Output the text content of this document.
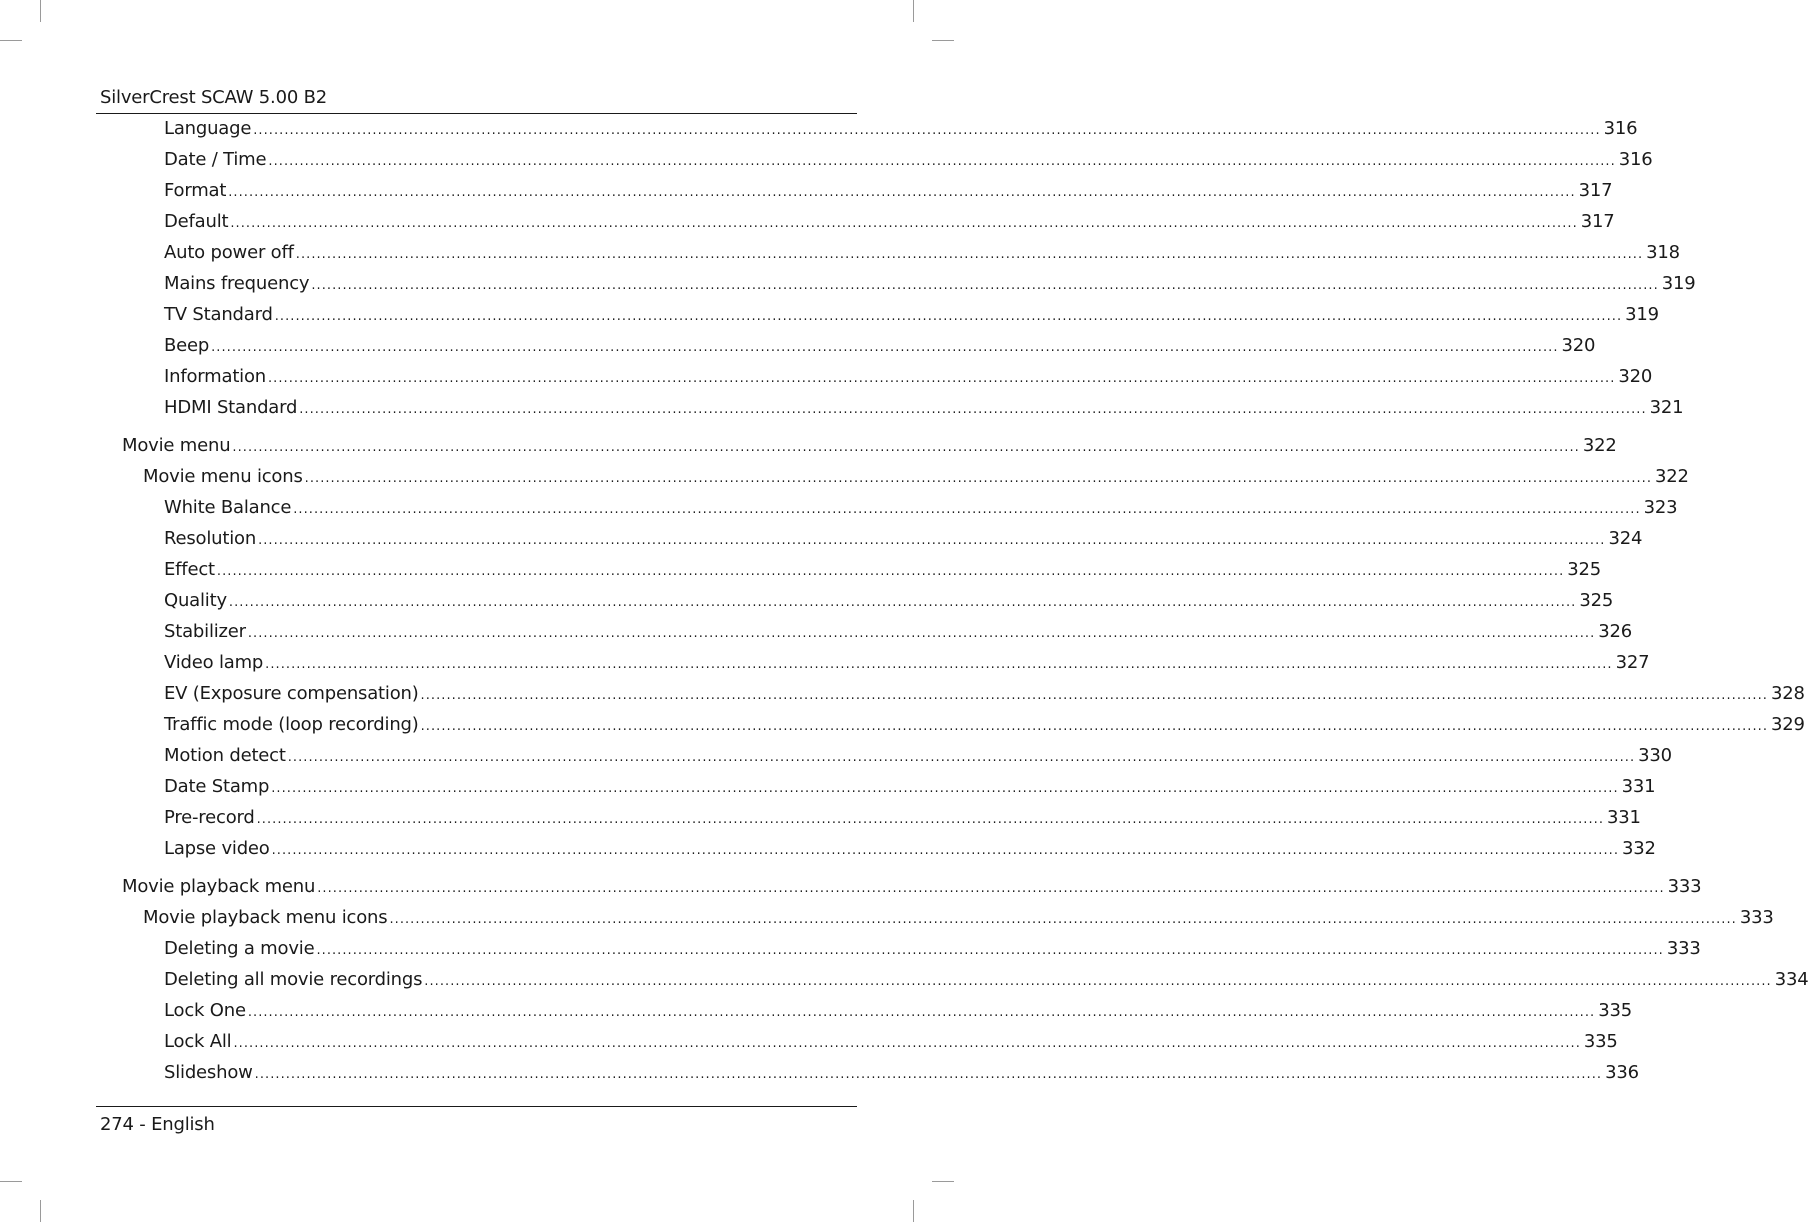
SilverCrest SCAW 5.00 B2
Language .................................................................................................................................................................................................................................................................... 316
Date / Time .................................................................................................................................................................................................................................................................... 316
Format .................................................................................................................................................................................................................................................................... 317
Default .................................................................................................................................................................................................................................................................... 317
Auto power off .................................................................................................................................................................................................................................................................... 318
Mains frequency .................................................................................................................................................................................................................................................................... 319
TV Standard .................................................................................................................................................................................................................................................................... 319
Beep .................................................................................................................................................................................................................................................................... 320
Information .................................................................................................................................................................................................................................................................... 320
HDMI Standard .................................................................................................................................................................................................................................................................... 321
Movie menu .................................................................................................................................................................................................................................................................... 322
Movie menu icons .................................................................................................................................................................................................................................................................... 322
White Balance .................................................................................................................................................................................................................................................................... 323
Resolution .................................................................................................................................................................................................................................................................... 324
Effect .................................................................................................................................................................................................................................................................... 325
Quality .................................................................................................................................................................................................................................................................... 325
Stabilizer .................................................................................................................................................................................................................................................................... 326
Video lamp .................................................................................................................................................................................................................................................................... 327
EV (Exposure compensation) .................................................................................................................................................................................................................................................................... 328
Traffic mode (loop recording) .................................................................................................................................................................................................................................................................... 329
Motion detect .................................................................................................................................................................................................................................................................... 330
Date Stamp .................................................................................................................................................................................................................................................................... 331
Pre-record .................................................................................................................................................................................................................................................................... 331
Lapse video .................................................................................................................................................................................................................................................................... 332
Movie playback menu .................................................................................................................................................................................................................................................................... 333
Movie playback menu icons .................................................................................................................................................................................................................................................................... 333
Deleting a movie .................................................................................................................................................................................................................................................................... 333
Deleting all movie recordings .................................................................................................................................................................................................................................................................... 334
Lock One .................................................................................................................................................................................................................................................................... 335
Lock All .................................................................................................................................................................................................................................................................... 335
Slideshow .................................................................................................................................................................................................................................................................... 336
274 - English
